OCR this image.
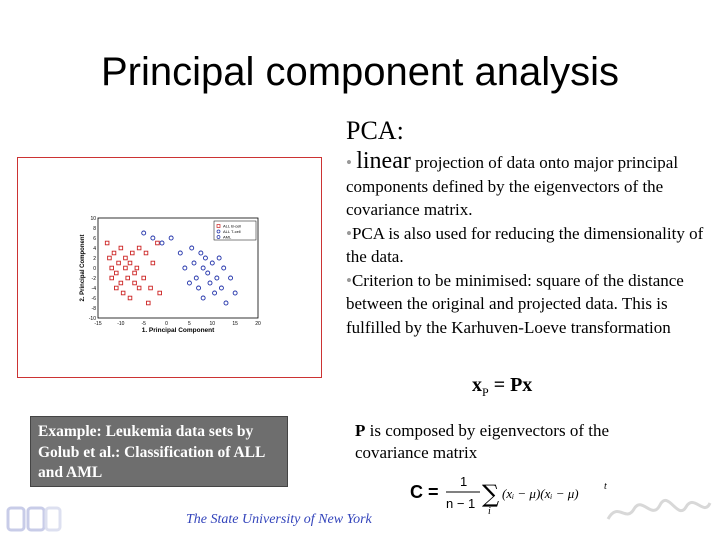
Principal component analysis
PCA:
• linear projection of data onto major principal components defined by the eigenvectors of the covariance matrix.
•PCA is also used for reducing the dimensionality of the data.
•Criterion to be minimised: square of the distance between the original and projected data. This is fulfilled by the Karhuven-Loeve transformation
-15	-10	-5	0	5	10	15	20
10
8
6
4
2
0
-2
-4
-6
-8
-10
1. Principal Component
2. Principal Component
ALL B-cell
ALL T-cell
AML
$x_P = Px$
Example: Leukemia data sets by Golub et al.: Classification of ALL and AML
P is composed by eigenvectors of the covariance matrix
C =
1
n − 1 ∑
i
(xᵢ − μ)(xᵢ − μ)	t
The State University of New York
